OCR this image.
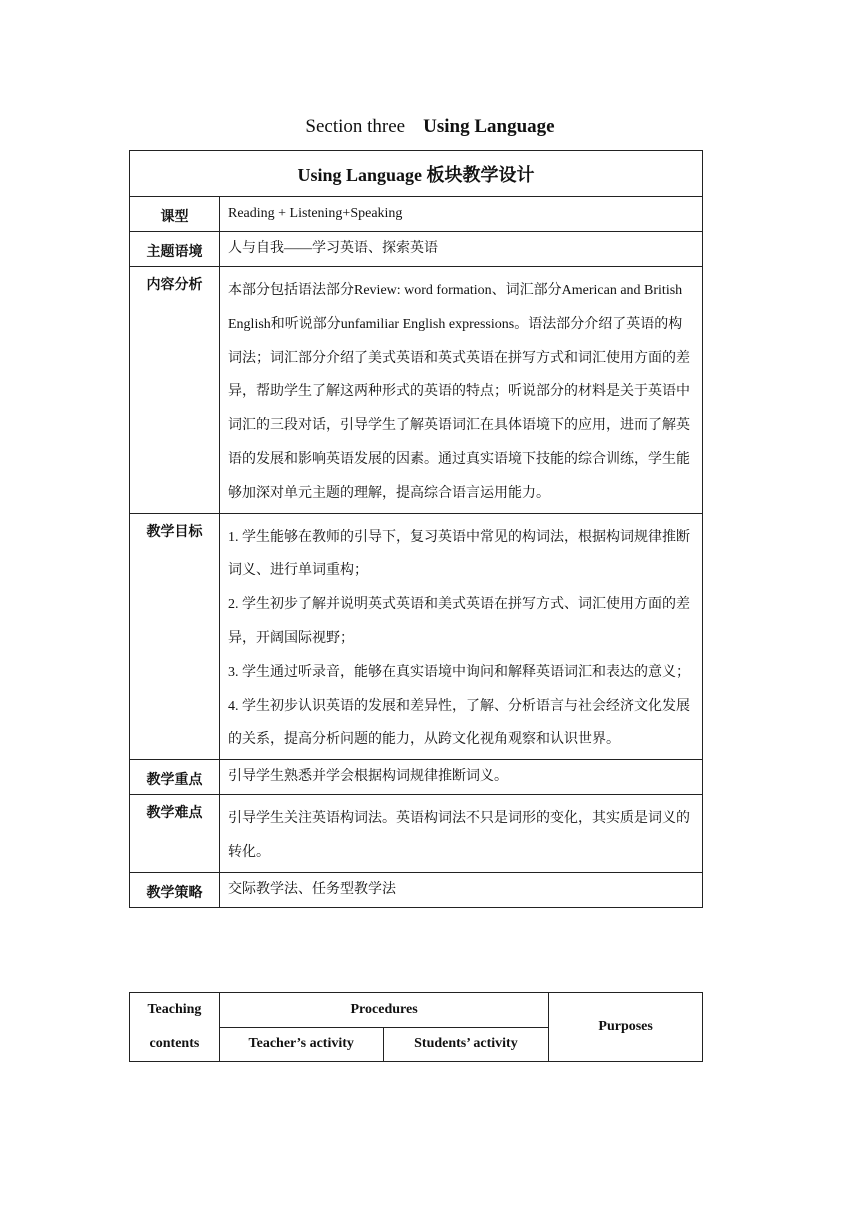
Section three Using Language
Using Language 板块教学设计	
课型	Reading + Listening+Speaking
主题语境	人与自我——学习英语、探索英语
内容分析	本部分包括语法部分Review: word formation、词汇部分American and British English和听说部分unfamiliar English expressions。语法部分介绍了英语的构词法；词汇部分介绍了美式英语和英式英语在拼写方式和词汇使用方面的差异，帮助学生了解这两种形式的英语的特点；听说部分的材料是关于英语中词汇的三段对话，引导学生了解英语词汇在具体语境下的应用，进而了解英语的发展和影响英语发展的因素。通过真实语境下技能的综合训练，学生能够加深对单元主题的理解，提高综合语言运用能力。

教学目标	1. 学生能够在教师的引导下，复习英语中常见的构词法，根据构词规律推断词义、进行单词重构；
2. 学生初步了解并说明英式英语和美式英语在拼写方式、词汇使用方面的差异，开阔国际视野；
3. 学生通过听录音，能够在真实语境中询问和解释英语词汇和表达的意义；
4. 学生初步认识英语的发展和差异性，了解、分析语言与社会经济文化发展的关系，提高分析问题的能力，从跨文化视角观察和认识世界。

教学重点	引导学生熟悉并学会根据构词规律推断词义。
教学难点	引导学生关注英语构词法。英语构词法不只是词形的变化，其实质是词义的转化。
教学策略	交际教学法、任务型教学法
Teaching
contents	Procedures		Purposes
	Teacher’s activity	Students’ activity	
